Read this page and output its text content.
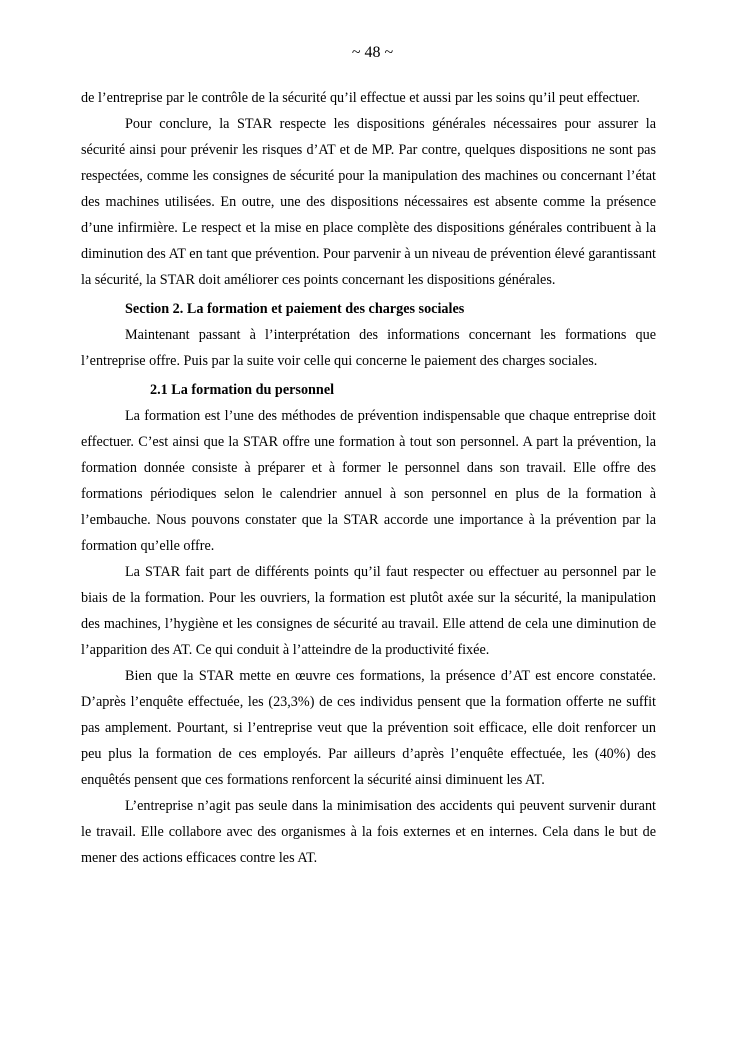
~ 48 ~

de l’entreprise par le contrôle de la sécurité qu’il effectue et aussi par les soins qu’il peut effectuer.

Pour conclure, la STAR respecte les dispositions générales nécessaires pour assurer la sécurité ainsi pour prévenir les risques d’AT et de MP. Par contre, quelques dispositions ne sont pas respectées, comme les consignes de sécurité pour la manipulation des machines ou concernant l’état des machines utilisées. En outre, une des dispositions nécessaires est absente comme la présence d’une infirmière. Le respect et la mise en place complète des dispositions générales contribuent à la diminution des AT en tant que prévention. Pour parvenir à un niveau de prévention élevé garantissant la sécurité, la STAR doit améliorer ces points concernant les dispositions générales.

Section 2. La formation et paiement des charges sociales

Maintenant passant à l’interprétation des informations concernant les formations que l’entreprise offre. Puis par la suite voir celle qui concerne le paiement des charges sociales.

2.1 La formation du personnel

La formation est l’une des méthodes de prévention indispensable que chaque entreprise doit effectuer. C’est ainsi que la STAR offre une formation à tout son personnel. A part la prévention, la formation donnée consiste à préparer et à former le personnel dans son travail. Elle offre des formations périodiques selon le calendrier annuel à son personnel en plus de la formation à l’embauche. Nous pouvons constater que la STAR accorde une importance à la prévention par la formation qu’elle offre.

La STAR fait part de différents points qu’il faut respecter ou effectuer au personnel par le biais de la formation. Pour les ouvriers, la formation est plutôt axée sur la sécurité, la manipulation des machines, l’hygiène et les consignes de sécurité au travail. Elle attend de cela une diminution de l’apparition des AT. Ce qui conduit à l’atteindre de la productivité fixée.

Bien que la STAR mette en œuvre ces formations, la présence d’AT est encore constatée. D’après l’enquête effectuée, les (23,3%) de ces individus pensent que la formation offerte ne suffit pas amplement. Pourtant, si l’entreprise veut que la prévention soit efficace, elle doit renforcer un peu plus la formation de ces employés. Par ailleurs d’après l’enquête effectuée, les (40%) des enquêtés pensent que ces formations renforcent la sécurité ainsi diminuent les AT.

L’entreprise n’agit pas seule dans la minimisation des accidents qui peuvent survenir durant le travail. Elle collabore avec des organismes à la fois externes et en internes. Cela dans le but de mener des actions efficaces contre les AT.
